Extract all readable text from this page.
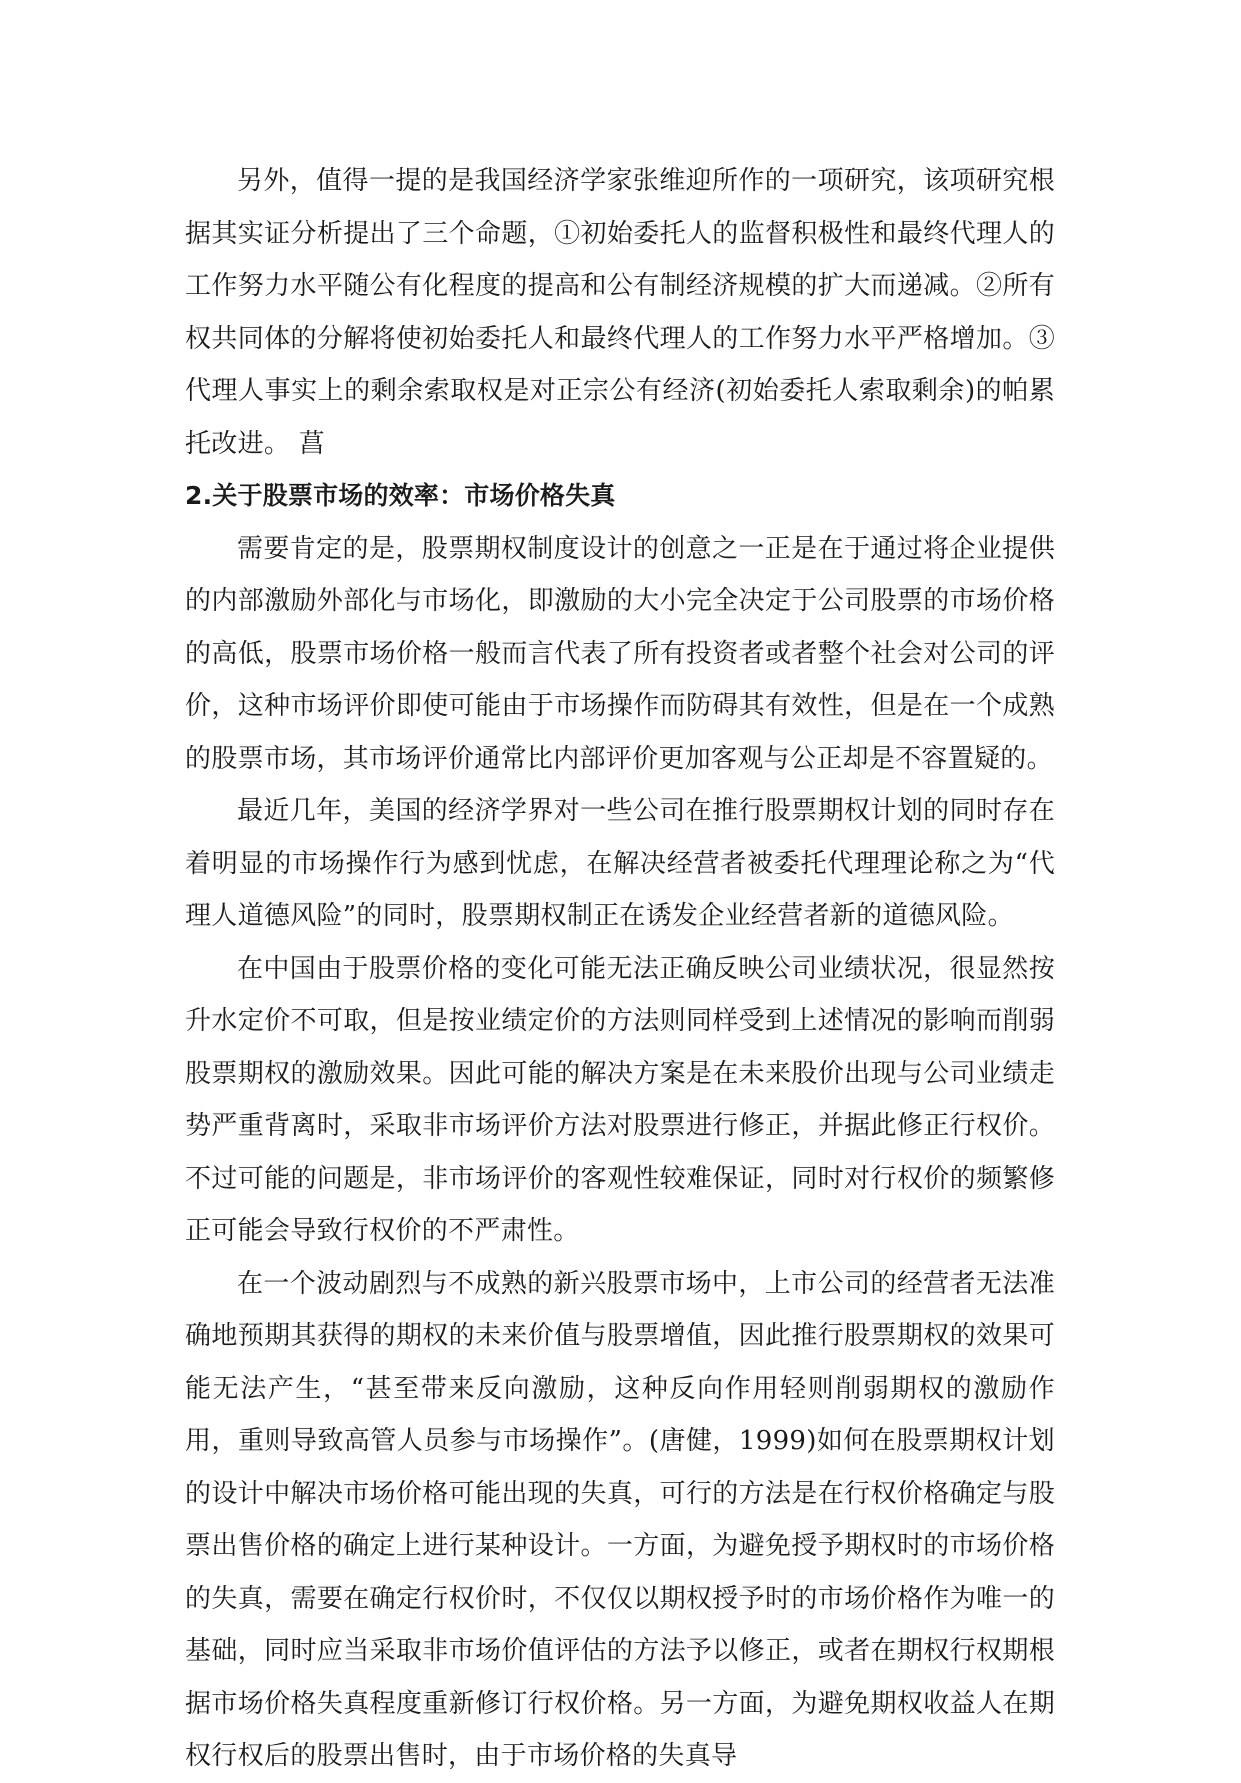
另外，值得一提的是我国经济学家张维迎所作的一项研究，该项研究根据其实证分析提出了三个命题，①初始委托人的监督积极性和最终代理人的工作努力水平随公有化程度的提高和公有制经济规模的扩大而递减。②所有权共同体的分解将使初始委托人和最终代理人的工作努力水平严格增加。③代理人事实上的剩余索取权是对正宗公有经济(初始委托人索取剩余)的帕累托改进。 菖

2.关于股票市场的效率：市场价格失真

需要肯定的是，股票期权制度设计的创意之一正是在于通过将企业提供的内部激励外部化与市场化，即激励的大小完全决定于公司股票的市场价格的高低，股票市场价格一般而言代表了所有投资者或者整个社会对公司的评价，这种市场评价即使可能由于市场操作而防碍其有效性，但是在一个成熟的股票市场，其市场评价通常比内部评价更加客观与公正却是不容置疑的。

最近几年，美国的经济学界对一些公司在推行股票期权计划的同时存在着明显的市场操作行为感到忧虑，在解决经营者被委托代理理论称之为“代理人道德风险”的同时，股票期权制正在诱发企业经营者新的道德风险。

在中国由于股票价格的变化可能无法正确反映公司业绩状况，很显然按升水定价不可取，但是按业绩定价的方法则同样受到上述情况的影响而削弱股票期权的激励效果。因此可能的解决方案是在未来股价出现与公司业绩走势严重背离时，采取非市场评价方法对股票进行修正，并据此修正行权价。不过可能的问题是，非市场评价的客观性较难保证，同时对行权价的频繁修正可能会导致行权价的不严肃性。

在一个波动剧烈与不成熟的新兴股票市场中，上市公司的经营者无法准确地预期其获得的期权的未来价值与股票增值，因此推行股票期权的效果可能无法产生，“甚至带来反向激励，这种反向作用轻则削弱期权的激励作用，重则导致高管人员参与市场操作”。(唐健，1999)如何在股票期权计划的设计中解决市场价格可能出现的失真，可行的方法是在行权价格确定与股票出售价格的确定上进行某种设计。一方面，为避免授予期权时的市场价格的失真，需要在确定行权价时，不仅仅以期权授予时的市场价格作为唯一的基础，同时应当采取非市场价值评估的方法予以修正，或者在期权行权期根据市场价格失真程度重新修订行权价格。另一方面，为避免期权收益人在期权行权后的股票出售时，由于市场价格的失真导
